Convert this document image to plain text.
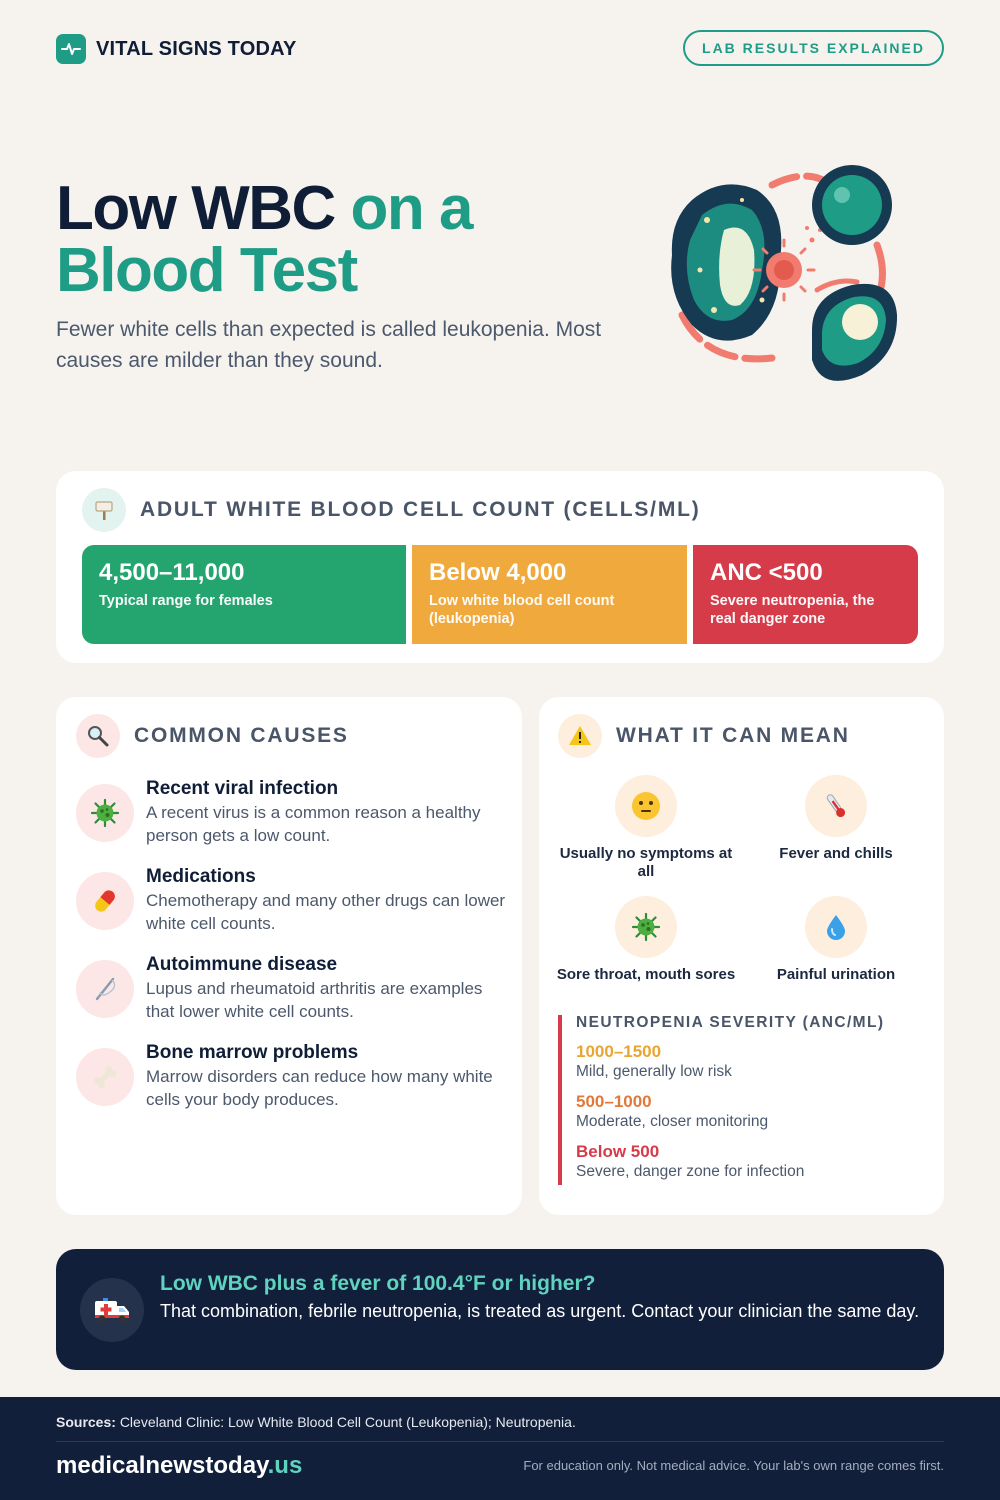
VITAL SIGNS TODAY	LAB RESULTS EXPLAINED
Low WBC on a
Blood Test
Fewer white cells than expected is called leukopenia. Most causes are milder than they sound.
ADULT WHITE BLOOD CELL COUNT (CELLS/ML)
4,500–11,000
Typical range for females
Below 4,000
Low white blood cell count (leukopenia)
ANC <500
Severe neutropenia, the real danger zone
COMMON CAUSES
Recent viral infection
A recent virus is a common reason a healthy person gets a low count.
Medications
Chemotherapy and many other drugs can lower white cell counts.
Autoimmune disease
Lupus and rheumatoid arthritis are examples that lower white cell counts.
Bone marrow problems
Marrow disorders can reduce how many white cells your body produces.
WHAT IT CAN MEAN
Usually no symptoms at all
Fever and chills
Sore throat, mouth sores	Painful urination
NEUTROPENIA SEVERITY (ANC/ML)
1000–1500
Mild, generally low risk
500–1000
Moderate, closer monitoring
Below 500
Severe, danger zone for infection
Low WBC plus a fever of 100.4°F or higher?
That combination, febrile neutropenia, is treated as urgent. Contact your clinician the same day.
Sources: Cleveland Clinic: Low White Blood Cell Count (Leukopenia); Neutropenia.
medicalnewstoday.us	For education only. Not medical advice. Your lab's own range comes first.
